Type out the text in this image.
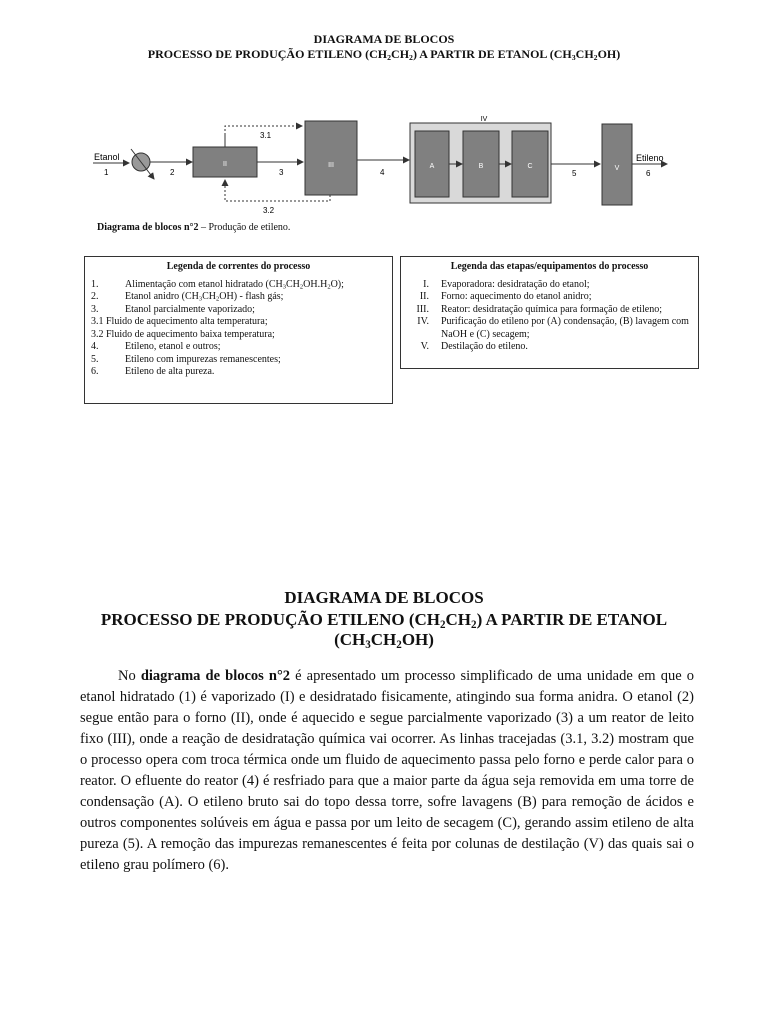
DIAGRAMA DE BLOCOS
PROCESSO DE PRODUÇÃO ETILENO $(CH_2CH_2)$ A PARTIR DE ETANOL $(CH_3CH_2OH)$
Etanol
1	2
II
3
3.1
3.2
III
4
IV
A	B	C
5
V
Etileno
6
Diagrama de blocos n°2 – Produção de etileno.
Legenda de correntes do processo
1.	Alimentação com etanol hidratado $(CH_3CH_2OH.H_2O)$;
2.	Etanol anidro $(CH_3CH_2OH)$ - flash gás;
3.	Etanol parcialmente vaporizado;
3.1 Fluido de aquecimento alta temperatura;
3.2 Fluido de aquecimento baixa temperatura;
4.	Etileno, etanol e outros;
5.	Etileno com impurezas remanescentes;
6.	Etileno de alta pureza.
Legenda das etapas/equipamentos do processo
I.	Evaporadora: desidratação do etanol;
II.	Forno: aquecimento do etanol anidro;
III.	Reator: desidratação química para formação de etileno;
IV.	Purificação do etileno por (A) condensação, (B) lavagem com NaOH e (C) secagem;
V.	Destilação do etileno.
DIAGRAMA DE BLOCOS
PROCESSO DE PRODUÇÃO ETILENO $(CH_2CH_2)$ A PARTIR DE ETANOL
$(CH_3CH_2OH)$
No diagrama de blocos n°2 é apresentado um processo simplificado de uma unidade em que o etanol hidratado (1) é vaporizado (I) e desidratado fisicamente, atingindo sua forma anidra. O etanol (2) segue então para o forno (II), onde é aquecido e segue parcialmente vaporizado (3) a um reator de leito fixo (III), onde a reação de desidratação química vai ocorrer. As linhas tracejadas (3.1, 3.2) mostram que o processo opera com troca térmica onde um fluido de aquecimento passa pelo forno e perde calor para o reator. O efluente do reator (4) é resfriado para que a maior parte da água seja removida em uma torre de condensação (A). O etileno bruto sai do topo dessa torre, sofre lavagens (B) para remoção de ácidos e outros componentes solúveis em água e passa por um leito de secagem (C), gerando assim etileno de alta pureza (5). A remoção das impurezas remanescentes é feita por colunas de destilação (V) das quais sai o etileno grau polímero (6).
